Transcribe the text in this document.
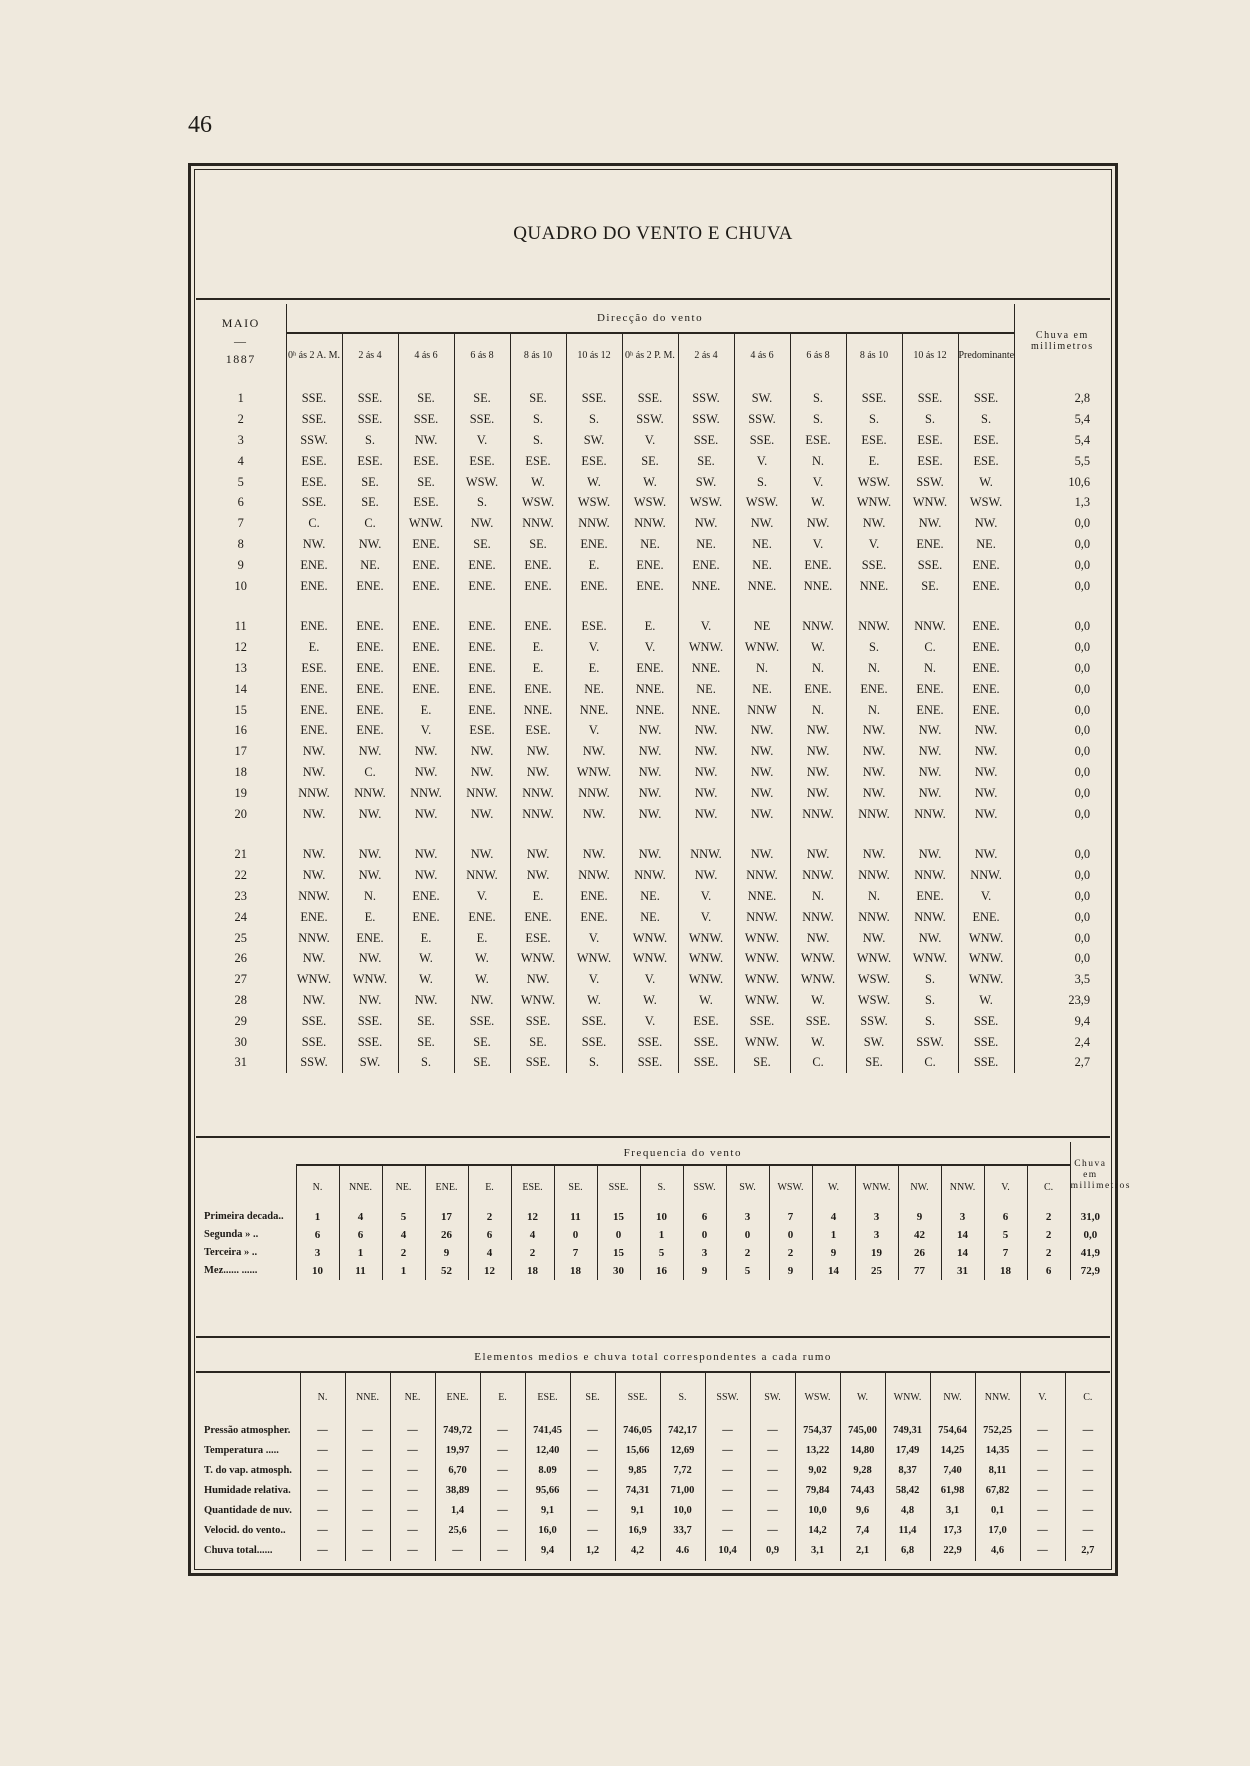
46
QUADRO DO VENTO E CHUVA
MAIO
—
1887	Direcção do vento													Chuva em millimetros
	0ʰ ás 2 A. M.	2 ás 4	4 ás 6	6 ás 8	8 ás 10	10 ás 12	0ʰ ás 2 P. M.	2 ás 4	4 ás 6	6 ás 8	8 ás 10	10 ás 12	Predominante	
1	SSE.	SSE.	SE.	SE.	SE.	SSE.	SSE.	SSW.	SW.	S.	SSE.	SSE.	SSE.	2,8
2	SSE.	SSE.	SSE.	SSE.	S.	S.	SSW.	SSW.	SSW.	S.	S.	S.	S.	5,4
3	SSW.	S.	NW.	V.	S.	SW.	V.	SSE.	SSE.	ESE.	ESE.	ESE.	ESE.	5,4
4	ESE.	ESE.	ESE.	ESE.	ESE.	ESE.	SE.	SE.	V.	N.	E.	ESE.	ESE.	5,5
5	ESE.	SE.	SE.	WSW.	W.	W.	W.	SW.	S.	V.	WSW.	SSW.	W.	10,6
6	SSE.	SE.	ESE.	S.	WSW.	WSW.	WSW.	WSW.	WSW.	W.	WNW.	WNW.	WSW.	1,3
7	C.	C.	WNW.	NW.	NNW.	NNW.	NNW.	NW.	NW.	NW.	NW.	NW.	NW.	0,0
8	NW.	NW.	ENE.	SE.	SE.	ENE.	NE.	NE.	NE.	V.	V.	ENE.	NE.	0,0
9	ENE.	NE.	ENE.	ENE.	ENE.	E.	ENE.	ENE.	NE.	ENE.	SSE.	SSE.	ENE.	0,0
10	ENE.	ENE.	ENE.	ENE.	ENE.	ENE.	ENE.	NNE.	NNE.	NNE.	NNE.	SE.	ENE.	0,0

11	ENE.	ENE.	ENE.	ENE.	ENE.	ESE.	E.	V.	NE	NNW.	NNW.	NNW.	ENE.	0,0
12	E.	ENE.	ENE.	ENE.	E.	V.	V.	WNW.	WNW.	W.	S.	C.	ENE.	0,0
13	ESE.	ENE.	ENE.	ENE.	E.	E.	ENE.	NNE.	N.	N.	N.	N.	ENE.	0,0
14	ENE.	ENE.	ENE.	ENE.	ENE.	NE.	NNE.	NE.	NE.	ENE.	ENE.	ENE.	ENE.	0,0
15	ENE.	ENE.	E.	ENE.	NNE.	NNE.	NNE.	NNE.	NNW	N.	N.	ENE.	ENE.	0,0
16	ENE.	ENE.	V.	ESE.	ESE.	V.	NW.	NW.	NW.	NW.	NW.	NW.	NW.	0,0
17	NW.	NW.	NW.	NW.	NW.	NW.	NW.	NW.	NW.	NW.	NW.	NW.	NW.	0,0
18	NW.	C.	NW.	NW.	NW.	WNW.	NW.	NW.	NW.	NW.	NW.	NW.	NW.	0,0
19	NNW.	NNW.	NNW.	NNW.	NNW.	NNW.	NW.	NW.	NW.	NW.	NW.	NW.	NW.	0,0
20	NW.	NW.	NW.	NW.	NNW.	NW.	NW.	NW.	NW.	NNW.	NNW.	NNW.	NW.	0,0

21	NW.	NW.	NW.	NW.	NW.	NW.	NW.	NNW.	NW.	NW.	NW.	NW.	NW.	0,0
22	NW.	NW.	NW.	NNW.	NW.	NNW.	NNW.	NW.	NNW.	NNW.	NNW.	NNW.	NNW.	0,0
23	NNW.	N.	ENE.	V.	E.	ENE.	NE.	V.	NNE.	N.	N.	ENE.	V.	0,0
24	ENE.	E.	ENE.	ENE.	ENE.	ENE.	NE.	V.	NNW.	NNW.	NNW.	NNW.	ENE.	0,0
25	NNW.	ENE.	E.	E.	ESE.	V.	WNW.	WNW.	WNW.	NW.	NW.	NW.	WNW.	0,0
26	NW.	NW.	W.	W.	WNW.	WNW.	WNW.	WNW.	WNW.	WNW.	WNW.	WNW.	WNW.	0,0
27	WNW.	WNW.	W.	W.	NW.	V.	V.	WNW.	WNW.	WNW.	WSW.	S.	WNW.	3,5
28	NW.	NW.	NW.	NW.	WNW.	W.	W.	W.	WNW.	W.	WSW.	S.	W.	23,9
29	SSE.	SSE.	SE.	SSE.	SSE.	SSE.	V.	ESE.	SSE.	SSE.	SSW.	S.	SSE.	9,4
30	SSE.	SSE.	SE.	SE.	SE.	SSE.	SSE.	SSE.	WNW.	W.	SW.	SSW.	SSE.	2,4
31	SSW.	SW.	S.	SE.	SSE.	S.	SSE.	SSE.	SE.	C.	SE.	C.	SSE.	2,7
	Frequencia do vento																		Chuva em millimetros
	N.	NNE.	NE.	ENE.	E.	ESE.	SE.	SSE.	S.	SSW.	SW.	WSW.	W.	WNW.	NW.	NNW.	V.	C.	
Primeira decada..	1	4	5	17	2	12	11	15	10	6	3	7	4	3	9	3	6	2	31,0
Segunda » ..	6	6	4	26	6	4	0	0	1	0	0	0	1	3	42	14	5	2	0,0
Terceira » ..	3	1	2	9	4	2	7	15	5	3	2	2	9	19	26	14	7	2	41,9
Mez...... ......	10	11	1	52	12	18	18	30	16	9	5	9	14	25	77	31	18	6	72,9
Elementos medios e chuva total correspondentes a cada rumo																		
	N.	NNE.	NE.	ENE.	E.	ESE.	SE.	SSE.	S.	SSW.	SW.	WSW.	W.	WNW.	NW.	NNW.	V.	C.
Pressão atmospher.	—	—	—	749,72	—	741,45	—	746,05	742,17	—	—	754,37	745,00	749,31	754,64	752,25	—	—
Temperatura .....	—	—	—	19,97	—	12,40	—	15,66	12,69	—	—	13,22	14,80	17,49	14,25	14,35	—	—
T. do vap. atmosph.	—	—	—	6,70	—	8.09	—	9,85	7,72	—	—	9,02	9,28	8,37	7,40	8,11	—	—
Humidade relativa.	—	—	—	38,89	—	95,66	—	74,31	71,00	—	—	79,84	74,43	58,42	61,98	67,82	—	—
Quantidade de nuv.	—	—	—	1,4	—	9,1	—	9,1	10,0	—	—	10,0	9,6	4,8	3,1	0,1	—	—
Velocid. do vento..	—	—	—	25,6	—	16,0	—	16,9	33,7	—	—	14,2	7,4	11,4	17,3	17,0	—	—
Chuva total......	—	—	—	—	—	9,4	1,2	4,2	4.6	10,4	0,9	3,1	2,1	6,8	22,9	4,6	—	2,7
